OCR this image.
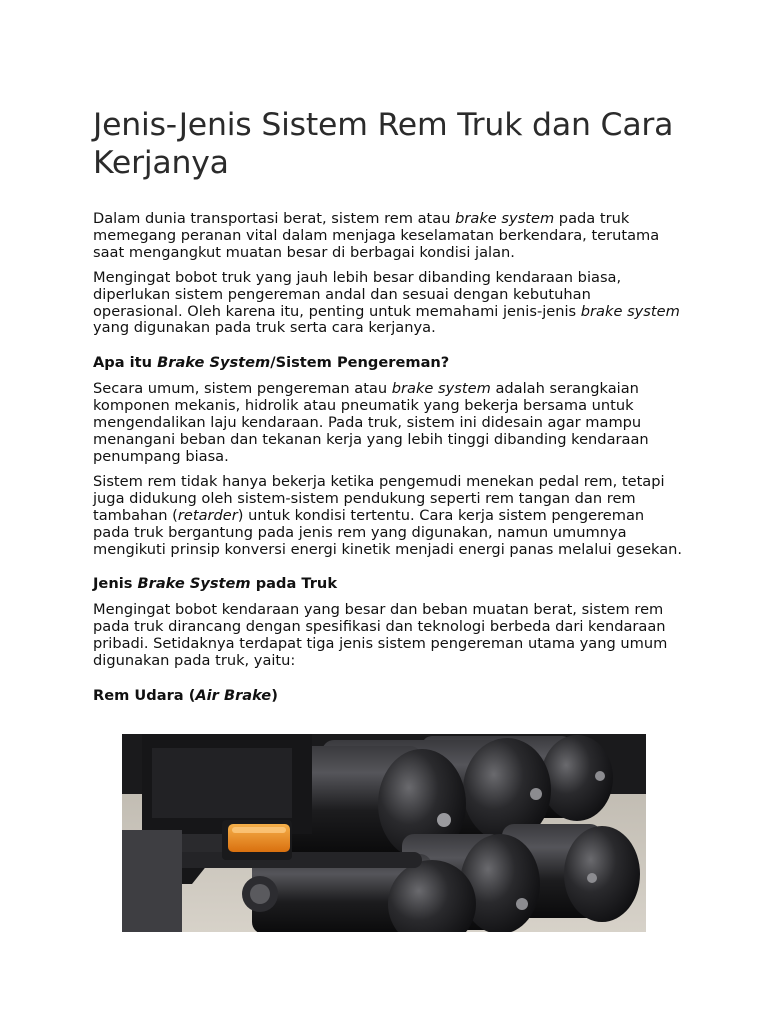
Jenis-Jenis Sistem Rem Truk dan Cara Kerjanya

Dalam dunia transportasi berat, sistem rem atau brake system pada truk memegang peranan vital dalam menjaga keselamatan berkendara, terutama saat mengangkut muatan besar di berbagai kondisi jalan.

Mengingat bobot truk yang jauh lebih besar dibanding kendaraan biasa, diperlukan sistem pengereman andal dan sesuai dengan kebutuhan operasional. Oleh karena itu, penting untuk memahami jenis-jenis brake system yang digunakan pada truk serta cara kerjanya.

Apa itu Brake System/Sistem Pengereman?

Secara umum, sistem pengereman atau brake system adalah serangkaian komponen mekanis, hidrolik atau pneumatik yang bekerja bersama untuk mengendalikan laju kendaraan. Pada truk, sistem ini didesain agar mampu menangani beban dan tekanan kerja yang lebih tinggi dibanding kendaraan penumpang biasa.

Sistem rem tidak hanya bekerja ketika pengemudi menekan pedal rem, tetapi juga didukung oleh sistem-sistem pendukung seperti rem tangan dan rem tambahan (retarder) untuk kondisi tertentu. Cara kerja sistem pengereman pada truk bergantung pada jenis rem yang digunakan, namun umumnya mengikuti prinsip konversi energi kinetik menjadi energi panas melalui gesekan.

Jenis Brake System pada Truk

Mengingat bobot kendaraan yang besar dan beban muatan berat, sistem rem pada truk dirancang dengan spesifikasi dan teknologi berbeda dari kendaraan pribadi. Setidaknya terdapat tiga jenis sistem pengereman utama yang umum digunakan pada truk, yaitu:

Rem Udara (Air Brake)
